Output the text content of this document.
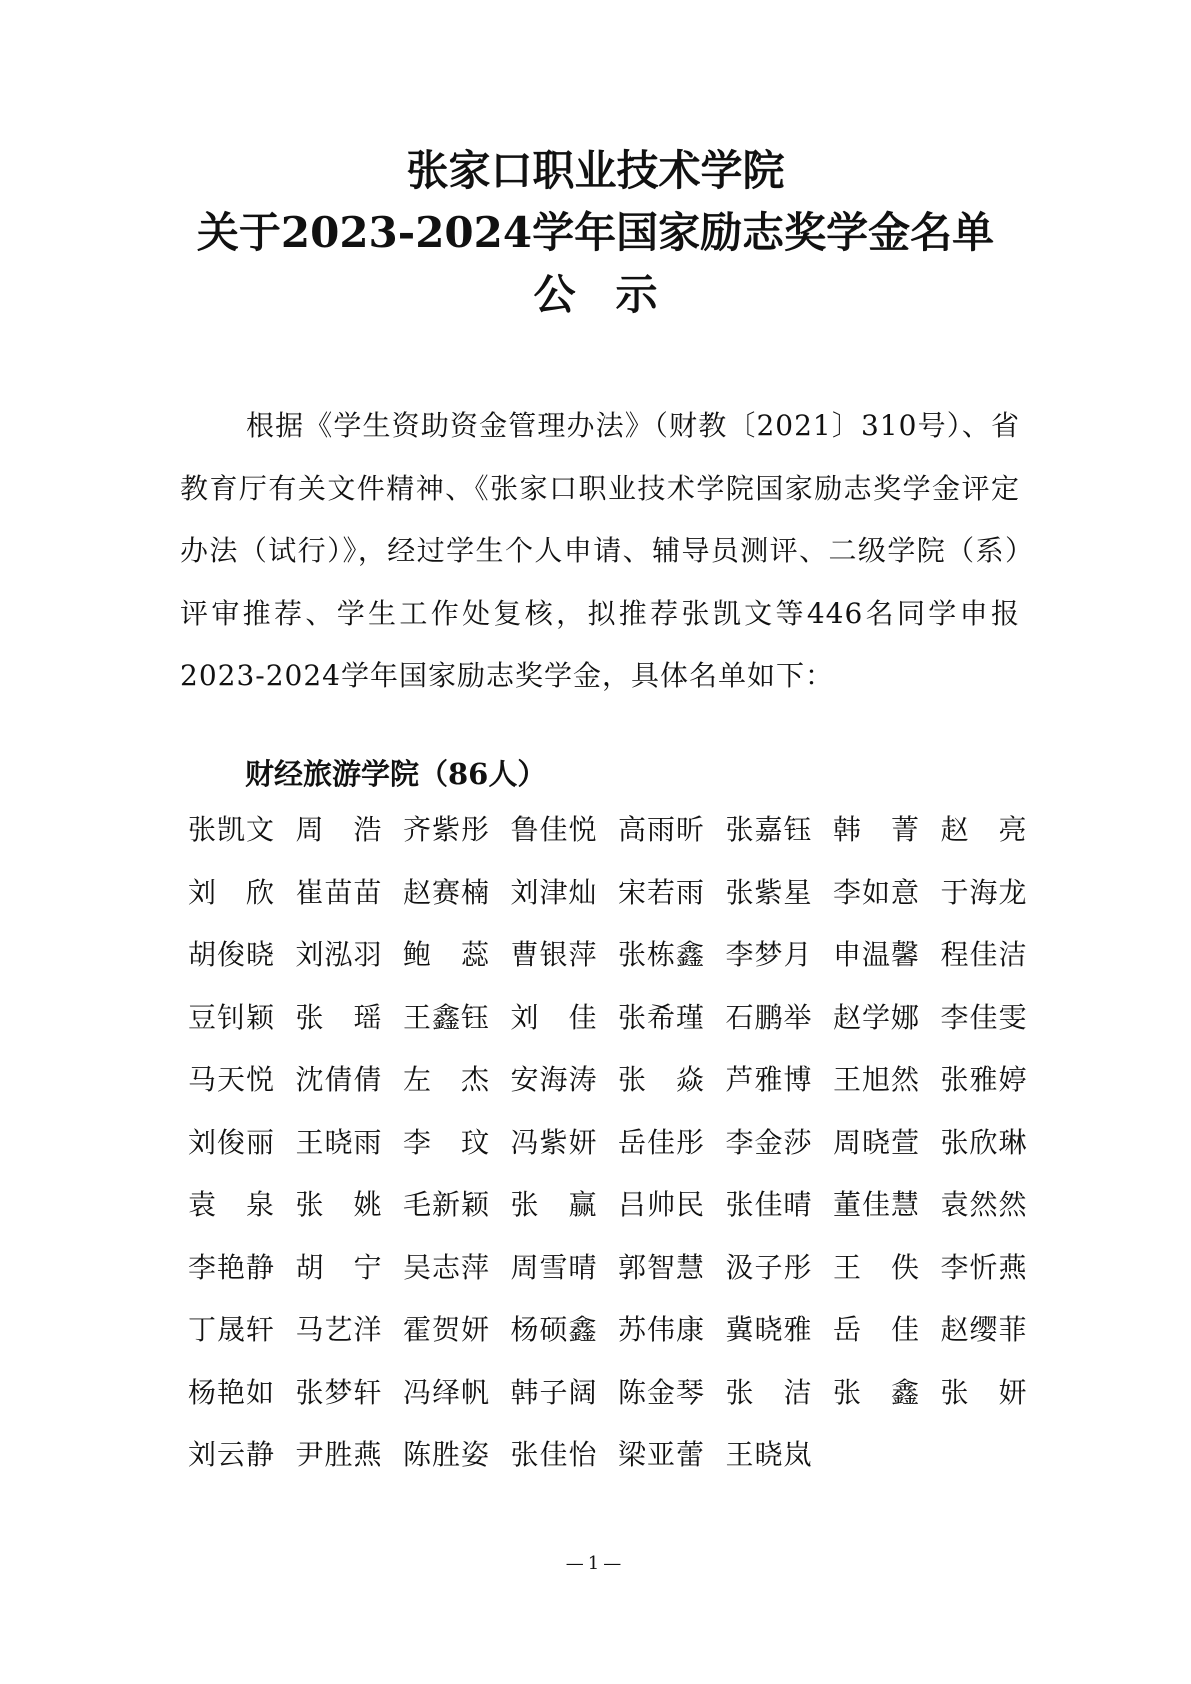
张家口职业技术学院
关于2023-2024学年国家励志奖学金名单
公示
根据《学生资助资金管理办法》（财教〔2021〕310号）、省教育厅有关文件精神、《张家口职业技术学院国家励志奖学金评定办法（试行）》，经过学生个人申请、辅导员测评、二级学院（系）评审推荐、学生工作处复核，拟推荐张凯文等446名同学申报2023-2024学年国家励志奖学金，具体名单如下：
财经旅游学院（86人）
张凯文 周　浩 齐紫彤 鲁佳悦 高雨昕 张嘉钰 韩　菁 赵　亮
刘　欣 崔苗苗 赵赛楠 刘津灿 宋若雨 张紫星 李如意 于海龙
胡俊晓 刘泓羽 鲍　蕊 曹银萍 张栋鑫 李梦月 申温馨 程佳洁
豆钊颖 张　瑶 王鑫钰 刘　佳 张希瑾 石鹏举 赵学娜 李佳雯
马天悦 沈倩倩 左　杰 安海涛 张　焱 芦雅博 王旭然 张雅婷
刘俊丽 王晓雨 李　玟 冯紫妍 岳佳彤 李金莎 周晓萱 张欣琳
袁　泉 张　姚 毛新颖 张　赢 吕帅民 张佳晴 董佳慧 袁然然
李艳静 胡　宁 吴志萍 周雪晴 郭智慧 汲子彤 王　佚 李忻燕
丁晟轩 马艺洋 霍贺妍 杨硕鑫 苏伟康 冀晓雅 岳　佳 赵缨菲
杨艳如 张梦轩 冯绎帆 韩子阔 陈金琴 张　洁 张　鑫 张　妍
刘云静 尹胜燕 陈胜姿 张佳怡 梁亚蕾 王晓岚
—1—
